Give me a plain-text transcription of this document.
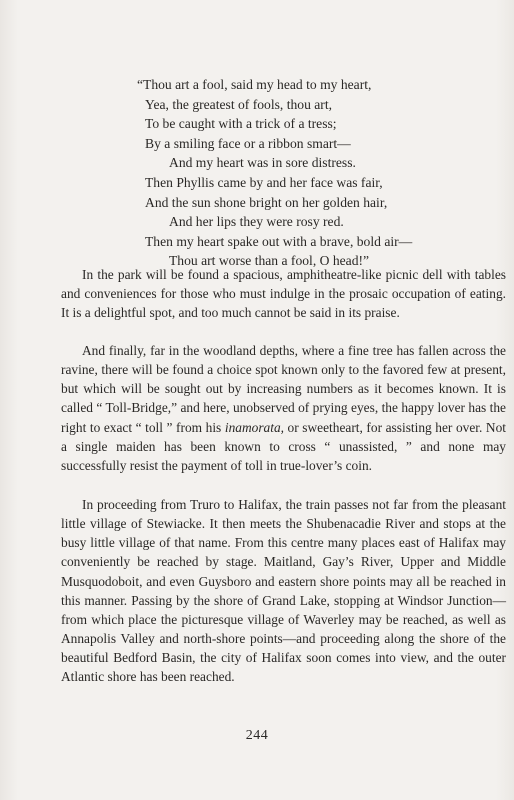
“Thou art a fool, said my head to my heart,
Yea, the greatest of fools, thou art,
To be caught with a trick of a tress;
By a smiling face or a ribbon smart—
And my heart was in sore distress.
Then Phyllis came by and her face was fair,
And the sun shone bright on her golden hair,
And her lips they were rosy red.
Then my heart spake out with a brave, bold air—
Thou art worse than a fool, O head!”

In the park will be found a spacious, amphitheatre-like picnic dell with tables and conveniences for those who must indulge in the prosaic occupation of eating. It is a delightful spot, and too much cannot be said in its praise.

And finally, far in the woodland depths, where a fine tree has fallen across the ravine, there will be found a choice spot known only to the favored few at present, but which will be sought out by increasing numbers as it becomes known. It is called “ Toll-Bridge,” and here, unobserved of prying eyes, the happy lover has the right to exact “ toll ” from his inamorata, or sweetheart, for assisting her over. Not a single maiden has been known to cross “ unassisted, ” and none may successfully resist the payment of toll in true-lover’s coin.

In proceeding from Truro to Halifax, the train passes not far from the pleasant little village of Stewiacke. It then meets the Shubenacadie River and stops at the busy little village of that name. From this centre many places east of Halifax may conveniently be reached by stage. Maitland, Gay’s River, Upper and Middle Musquodoboit, and even Guysboro and eastern shore points may all be reached in this manner. Passing by the shore of Grand Lake, stopping at Windsor Junction—from which place the picturesque village of Waverley may be reached, as well as Annapolis Valley and north-shore points—and proceeding along the shore of the beautiful Bedford Basin, the city of Halifax soon comes into view, and the outer Atlantic shore has been reached.

244
